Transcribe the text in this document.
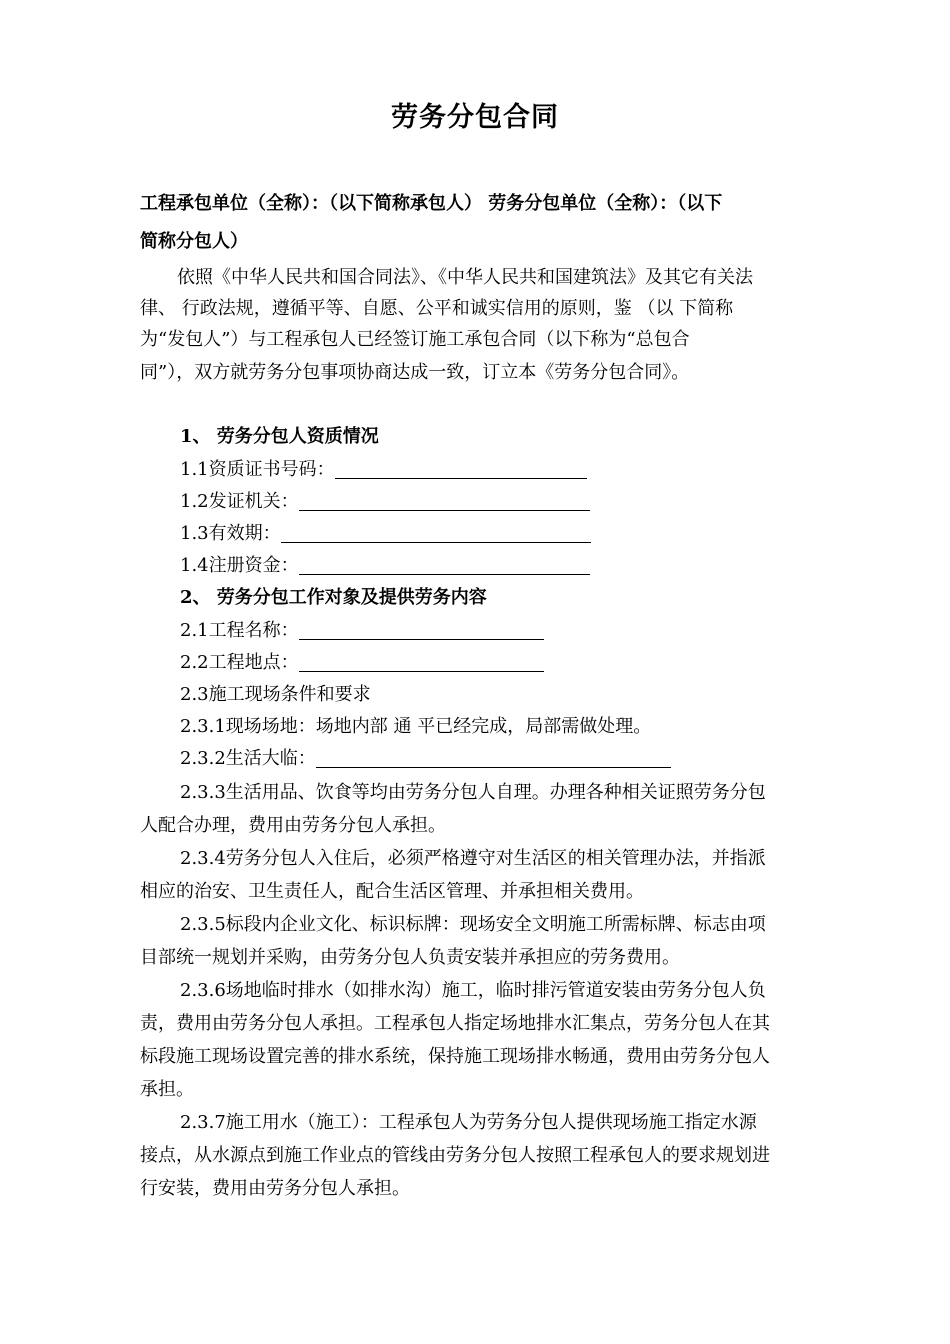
劳务分包合同
工程承包单位（全称）：（以下简称承包人） 劳务分包单位（全称）：（以下
简称分包人）
依照《中华人民共和国合同法》、《中华人民共和国建筑法》及其它有关法
律、 行政法规，遵循平等、自愿、公平和诚实信用的原则，鉴 （以 下简称
为“发包人”）与工程承包人已经签订施工承包合同（以下称为“总包合
同”），双方就劳务分包事项协商达成一致，订立本《劳务分包合同》。
1、 劳务分包人资质情况
1.1资质证书号码：
1.2发证机关：
1.3有效期：
1.4注册资金：
2、 劳务分包工作对象及提供劳务内容
2.1工程名称：
2.2工程地点：
2.3施工现场条件和要求
2.3.1现场场地：场地内部 通 平已经完成，局部需做处理。
2.3.2生活大临：
2.3.3生活用品、饮食等均由劳务分包人自理。办理各种相关证照劳务分包
人配合办理，费用由劳务分包人承担。
2.3.4劳务分包人入住后，必须严格遵守对生活区的相关管理办法，并指派
相应的治安、卫生责任人，配合生活区管理、并承担相关费用。
2.3.5标段内企业文化、标识标牌：现场安全文明施工所需标牌、标志由项
目部统一规划并采购，由劳务分包人负责安装并承担应的劳务费用。
2.3.6场地临时排水（如排水沟）施工，临时排污管道安装由劳务分包人负
责，费用由劳务分包人承担。工程承包人指定场地排水汇集点，劳务分包人在其
标段施工现场设置完善的排水系统，保持施工现场排水畅通，费用由劳务分包人
承担。
2.3.7施工用水（施工）：工程承包人为劳务分包人提供现场施工指定水源
接点，从水源点到施工作业点的管线由劳务分包人按照工程承包人的要求规划进
行安装，费用由劳务分包人承担。
